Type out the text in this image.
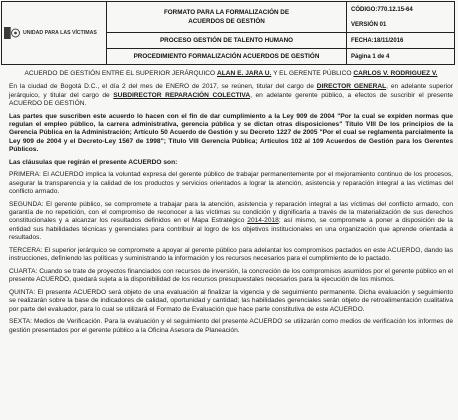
UNIDAD PARA LAS VÍCTIMAS
FORMATO PARA LA FORMALIZACIÓN DE
ACUERDOS DE GESTIÓN
PROCESO GESTIÓN DE TALENTO HUMANO
PROCEDIMIENTO FORMALIZACIÓN ACUERDOS DE GESTIÓN
CÓDIGO:770.12.15-64
VERSIÓN 01
FECHA:18/11/2016
Página 1 de 4

ACUERDO DE GESTIÓN ENTRE EL SUPERIOR JERÁRQUICO ALAN E. JARA U. Y EL GERENTE PÚBLICO CARLOS V. RODRIGUEZ V.

En la ciudad de Bogotá D.C., el día 2 del mes de ENERO de 2017, se reúnen, titular del cargo de DIRECTOR GENERAL, en adelante superior jerárquico, y titular del cargo de SUBDIRECTOR REPARACIÓN COLECTIVA, en adelante gerente público, a efectos de suscribir el presente ACUERDO DE GESTIÓN.

Las partes que suscriben este acuerdo lo hacen con el fin de dar cumplimiento a la Ley 909 de 2004 "Por la cual se expiden normas que regulan el empleo público, la carrera administrativa, gerencia pública y se dictan otras disposiciones" Título VIII De los principios de la Gerencia Pública en la Administración; Artículo 50 Acuerdo de Gestión y su Decreto 1227 de 2005 "Por el cual se reglamenta parcialmente la Ley 909 de 2004 y el Decreto-Ley 1567 de 1998"; Título VIII Gerencia Pública; Artículos 102 al 109 Acuerdos de Gestión para los Gerentes Públicos.

Las cláusulas que regirán el presente ACUERDO son:

PRIMERA: El ACUERDO implica la voluntad expresa del gerente público de trabajar permanentemente por el mejoramiento continuo de los procesos, asegurar la transparencia y la calidad de los productos y servicios orientados a lograr la atención, asistencia y reparación integral a las víctimas del conflicto armado.

SEGUNDA: El gerente público, se compromete a trabajar para la atención, asistencia y reparación integral a las víctimas del conflicto armado, con garantía de no repetición, con el compromiso de reconocer a las víctimas su condición y dignificarla a través de la materialización de sus derechos constitucionales y a alcanzar los resultados definidos en el Mapa Estratégico 2014-2018; así mismo, se compromete a poner a disposición de la entidad sus habilidades técnicas y gerenciales para contribuir al logro de los objetivos institucionales en una organización que aprende orientada a resultados.

TERCERA: El superior jerárquico se compromete a apoyar al gerente público para adelantar los compromisos pactados en este ACUERDO, dando las instrucciones, definiendo las políticas y suministrando la información y los recursos necesarios para el cumplimiento de lo pactado.

CUARTA: Cuando se trate de proyectos financiados con recursos de inversión, la concreción de los compromisos asumidos por el gerente público en el presente ACUERDO, quedará sujeta a la disponibilidad de los recursos presupuestales necesarios para la ejecución de los mismos.

QUINTA: El presente ACUERDO será objeto de una evaluación al finalizar la vigencia y de seguimiento permanente. Dicha evaluación y seguimiento se realizarán sobre la base de indicadores de calidad, oportunidad y cantidad; las habilidades gerenciales serán objeto de retroalimentación cualitativa por parte del evaluador, para lo cual se utilizará el Formato de Evaluación que hace parte constitutiva de este ACUERDO.

SEXTA: Medios de Verificación. Para la evaluación y el seguimiento del presente ACUERDO se utilizarán como medios de verificación los informes de gestión presentados por el gerente público a la Oficina Asesora de Planeación.
